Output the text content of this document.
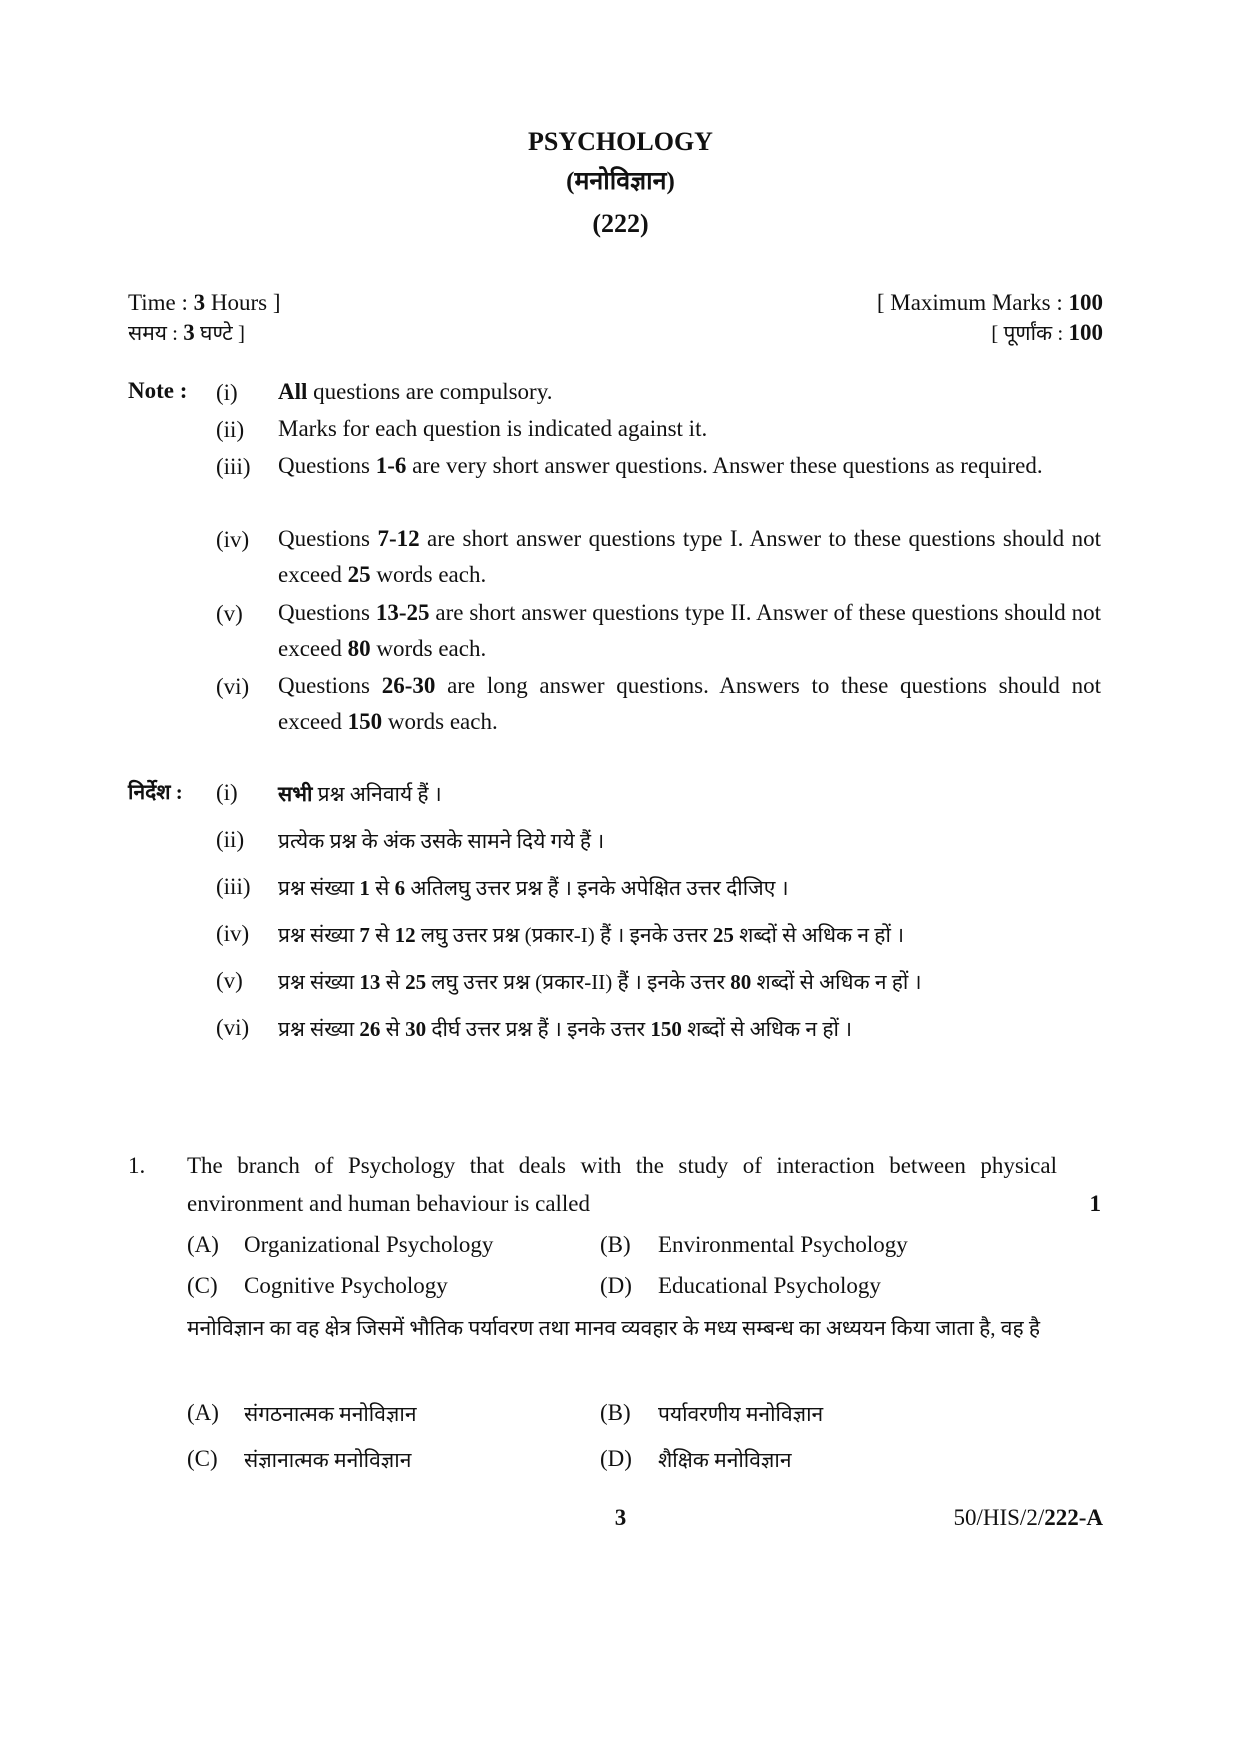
PSYCHOLOGY
(मनोविज्ञान)
(222)
Time : 3 Hours ]
समय : 3 घण्टे ]
[ Maximum Marks : 100
[ पूर्णांक : 100
Note : (i) All questions are compulsory.
(ii) Marks for each question is indicated against it.
(iii) Questions 1-6 are very short answer questions. Answer these questions as required.
(iv) Questions 7-12 are short answer questions type I. Answer to these questions should not exceed 25 words each.
(v) Questions 13-25 are short answer questions type II. Answer of these questions should not exceed 80 words each.
(vi) Questions 26-30 are long answer questions. Answers to these questions should not exceed 150 words each.
निर्देश : (i) सभी प्रश्न अनिवार्य हैं ।
(ii) प्रत्येक प्रश्न के अंक उसके सामने दिये गये हैं ।
(iii) प्रश्न संख्या 1 से 6 अतिलघु उत्तर प्रश्न हैं । इनके अपेक्षित उत्तर दीजिए ।
(iv) प्रश्न संख्या 7 से 12 लघु उत्तर प्रश्न (प्रकार-I) हैं । इनके उत्तर 25 शब्दों से अधिक न हों ।
(v) प्रश्न संख्या 13 से 25 लघु उत्तर प्रश्न (प्रकार-II) हैं । इनके उत्तर 80 शब्दों से अधिक न हों ।
(vi) प्रश्न संख्या 26 से 30 दीर्घ उत्तर प्रश्न हैं । इनके उत्तर 150 शब्दों से अधिक न हों ।
1. The branch of Psychology that deals with the study of interaction between physical environment and human behaviour is called	1
(A) Organizational Psychology	(B) Environmental Psychology
(C) Cognitive Psychology	(D) Educational Psychology
मनोविज्ञान का वह क्षेत्र जिसमें भौतिक पर्यावरण तथा मानव व्यवहार के मध्य सम्बन्ध का अध्ययन किया जाता है, वह है
(A) संगठनात्मक मनोविज्ञान	(B) पर्यावरणीय मनोविज्ञान
(C) संज्ञानात्मक मनोविज्ञान	(D) शैक्षिक मनोविज्ञान
3	50/HIS/2/222-A
